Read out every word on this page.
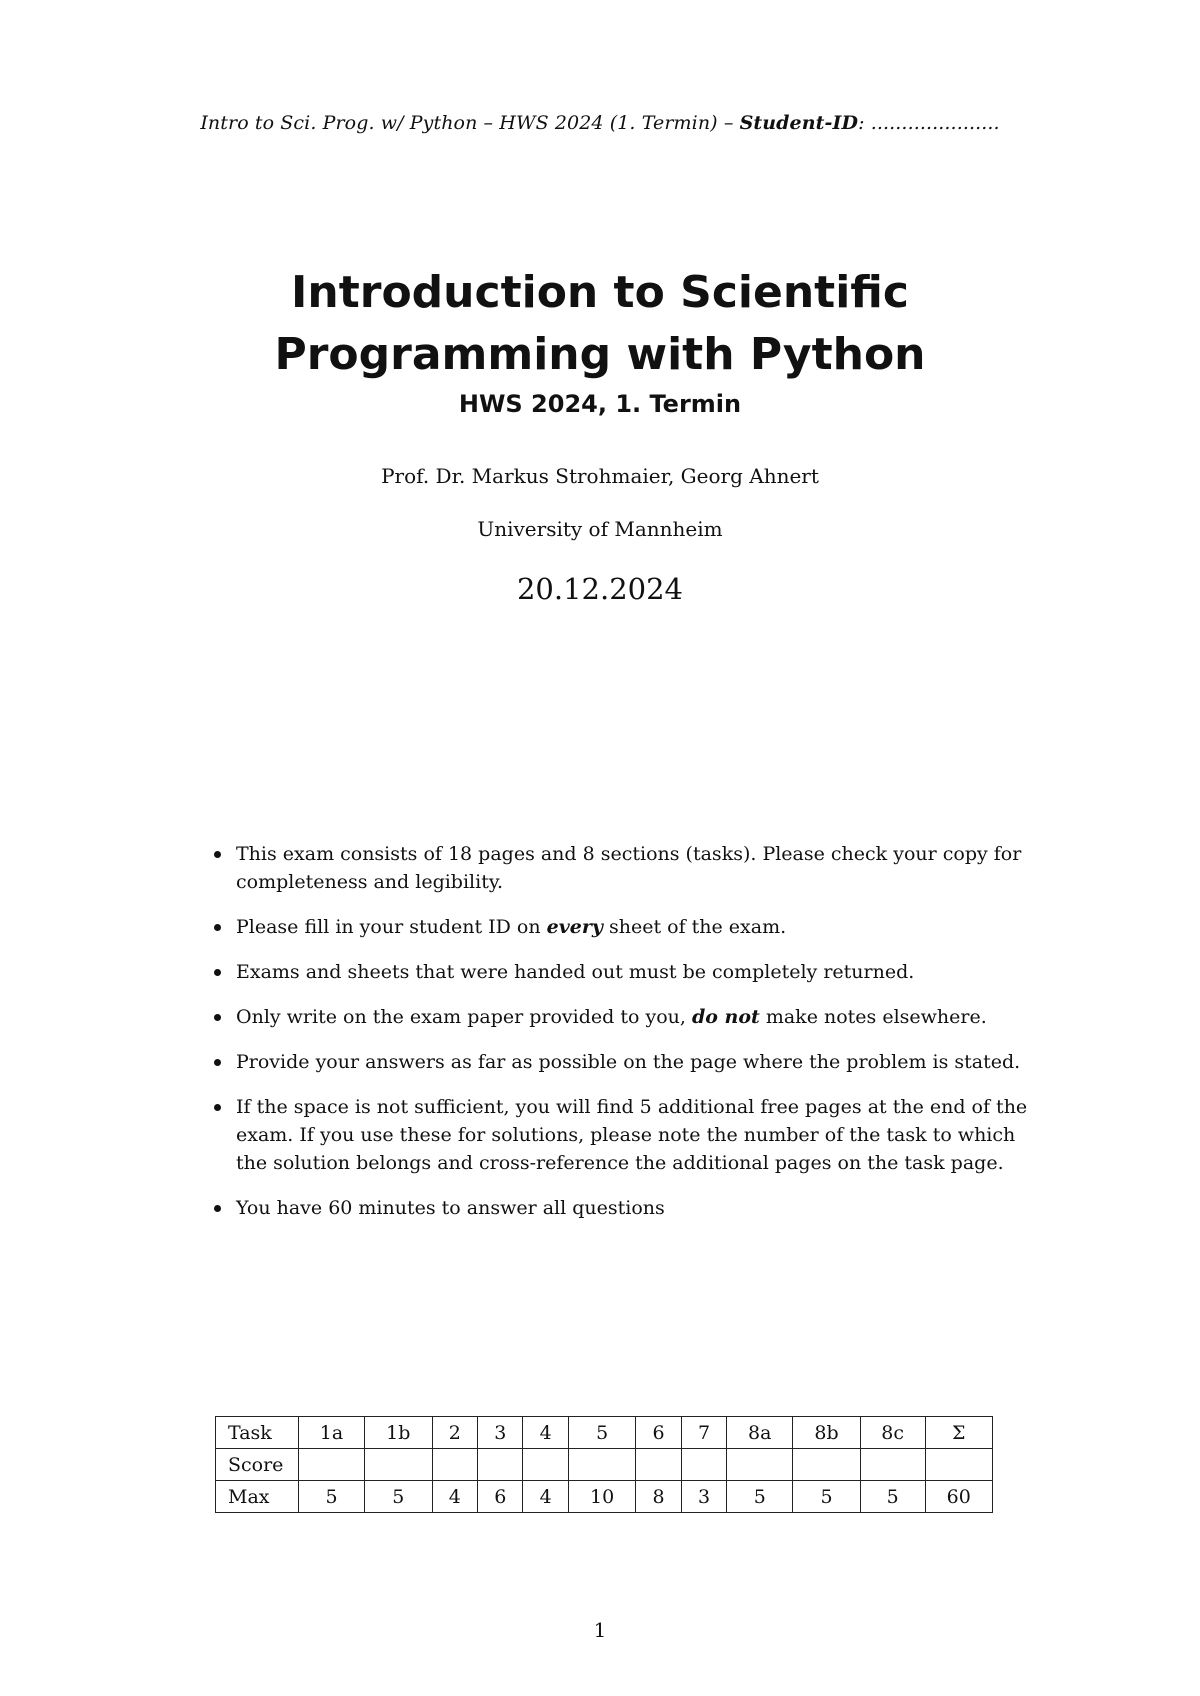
Intro to Sci. Prog. w/ Python – HWS 2024 (1. Termin) – Student-ID: .....................
Introduction to Scientific
Programming with Python
HWS 2024, 1. Termin
Prof. Dr. Markus Strohmaier, Georg Ahnert
University of Mannheim
20.12.2024
This exam consists of 18 pages and 8 sections (tasks). Please check your copy for completeness and legibility.
Please fill in your student ID on every sheet of the exam.
Exams and sheets that were handed out must be completely returned.
Only write on the exam paper provided to you, do not make notes elsewhere.
Provide your answers as far as possible on the page where the problem is stated.
If the space is not sufficient, you will find 5 additional free pages at the end of the exam. If you use these for solutions, please note the number of the task to which the solution belongs and cross-reference the additional pages on the task page.
You have 60 minutes to answer all questions
Task	1a	1b	2	3	4	5	6	7	8a	8b	8c	Σ
Score												
Max	5	5	4	6	4	10	8	3	5	5	5	60
1
